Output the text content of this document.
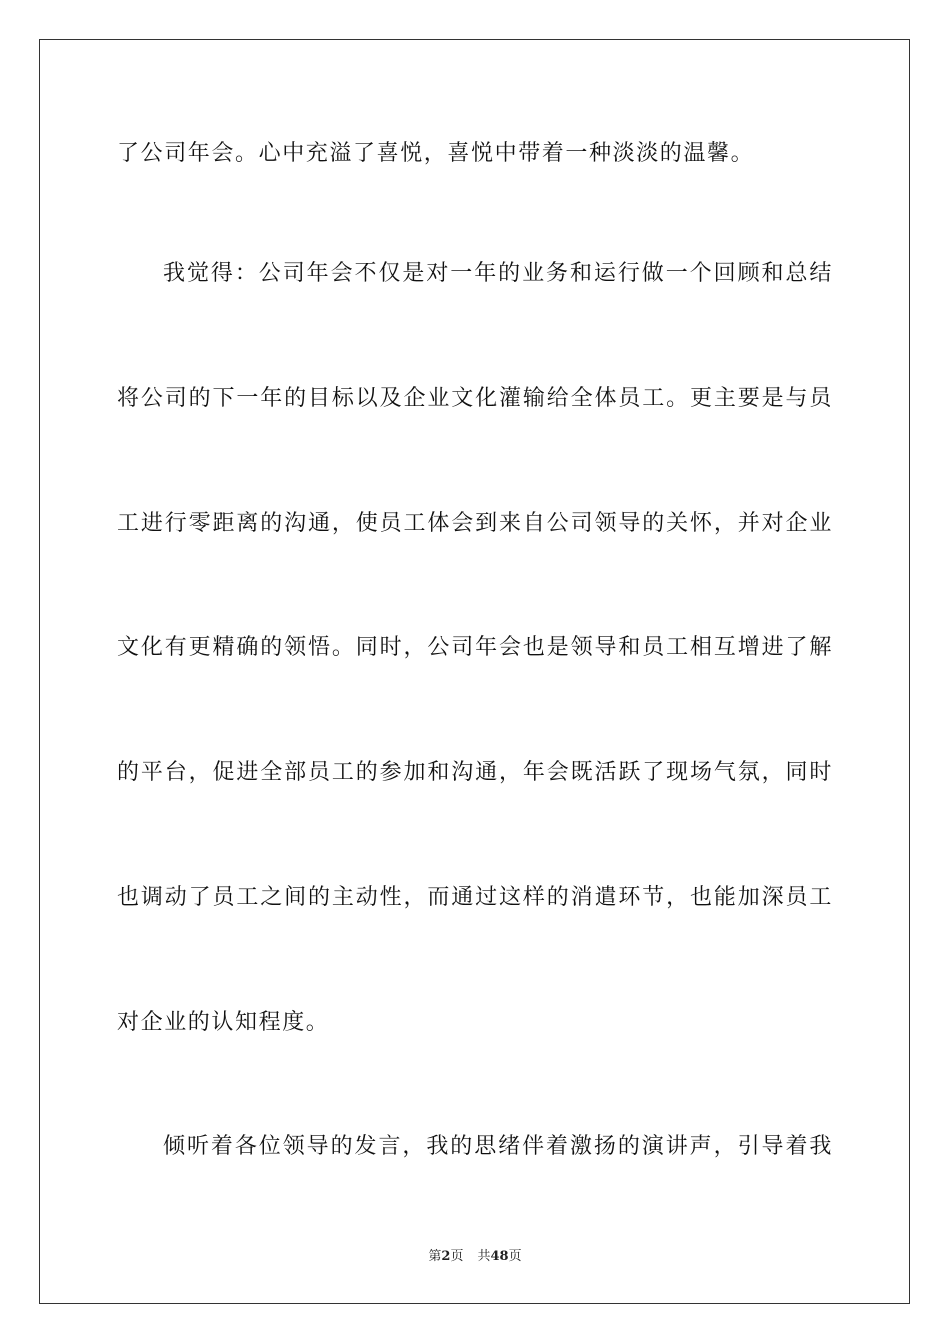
了公司年会。心中充溢了喜悦，喜悦中带着一种淡淡的温馨。
我觉得：公司年会不仅是对一年的业务和运行做一个回顾和总结
将公司的下一年的目标以及企业文化灌输给全体员工。更主要是与员
工进行零距离的沟通，使员工体会到来自公司领导的关怀，并对企业
文化有更精确的领悟。同时，公司年会也是领导和员工相互增进了解
的平台，促进全部员工的参加和沟通，年会既活跃了现场气氛，同时
也调动了员工之间的主动性，而通过这样的消遣环节，也能加深员工
对企业的认知程度。
倾听着各位领导的发言，我的思绪伴着激扬的演讲声，引导着我
第2页 共48页
